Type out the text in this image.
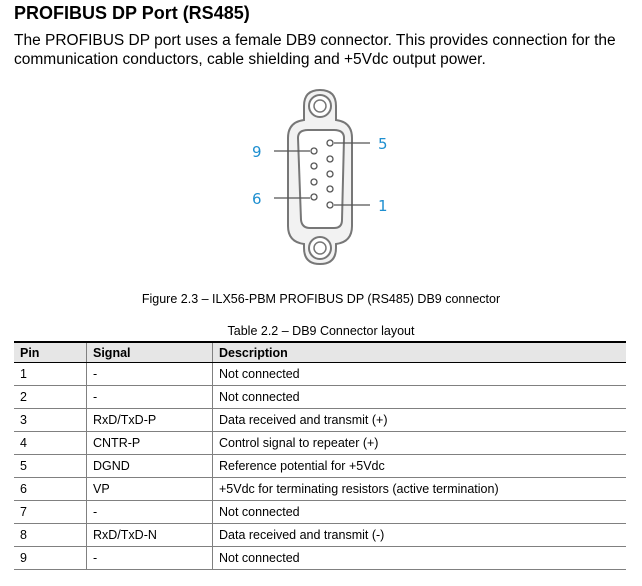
PROFIBUS DP Port (RS485)
The PROFIBUS DP port uses a female DB9 connector. This provides connection for the communication conductors, cable shielding and +5Vdc output power.
9
6
5
1
Figure 2.3 – ILX56-PBM PROFIBUS DP (RS485) DB9 connector
Table 2.2 – DB9 Connector layout
Pin	Signal	Description
1	-	Not connected
2	-	Not connected
3	RxD/TxD-P	Data received and transmit (+)
4	CNTR-P	Control signal to repeater (+)
5	DGND	Reference potential for +5Vdc
6	VP	+5Vdc for terminating resistors (active termination)
7	-	Not connected
8	RxD/TxD-N	Data received and transmit (-)
9	-	Not connected
